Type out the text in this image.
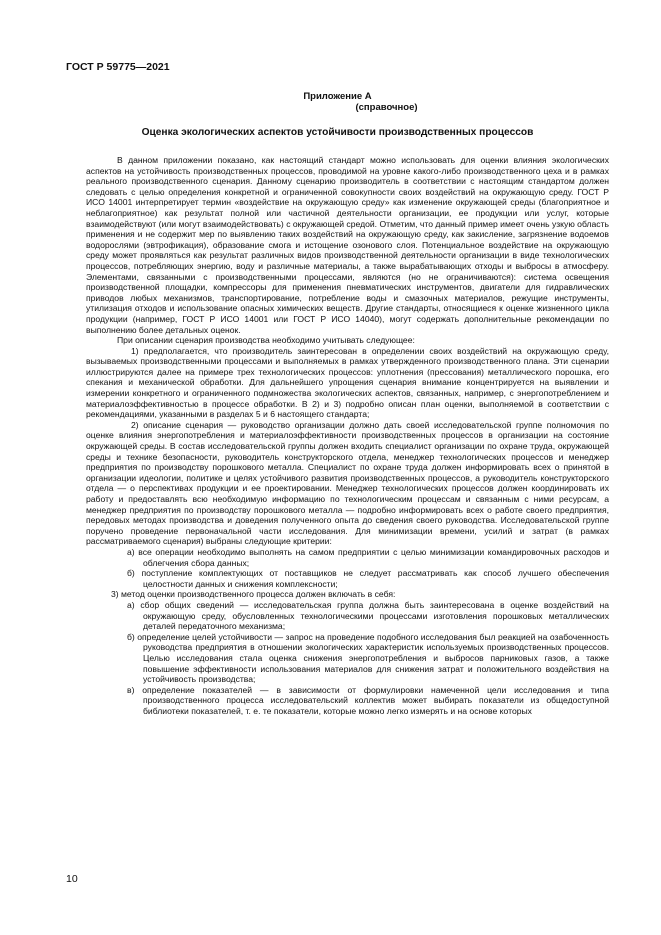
ГОСТ Р 59775—2021
Приложение А
(справочное)
Оценка экологических аспектов устойчивости производственных процессов

В данном приложении показано, как настоящий стандарт можно использовать для оценки влияния экологических аспектов на устойчивость производственных процессов, проводимой на уровне какого-либо производственного цеха и в рамках реального производственного сценария. Данному сценарию производитель в соответствии с настоящим стандартом должен следовать с целью определения конкретной и ограниченной совокупности своих воздействий на окружающую среду. ГОСТ Р ИСО 14001 интерпретирует термин «воздействие на окружающую среду» как изменение окружающей среды (благоприятное и неблагоприятное) как результат полной или частичной деятельности организации, ее продукции или услуг, которые взаимодействуют (или могут взаимодействовать) с окружающей средой. Отметим, что данный пример имеет очень узкую область применения и не содержит мер по выявлению таких воздействий на окружающую среду, как закисление, загрязнение водоемов водорослями (эвтрофикация), образование смога и истощение озонового слоя. Потенциальное воздействие на окружающую среду может проявляться как результат различных видов производственной деятельности организации в виде технологических процессов, потребляющих энергию, воду и различные материалы, а также вырабатывающих отходы и выбросы в атмосферу. Элементами, связанными с производственными процессами, являются (но не ограничиваются): система освещения производственной площадки, компрессоры для применения пневматических инструментов, двигатели для гидравлических приводов любых механизмов, транспортирование, потребление воды и смазочных материалов, режущие инструменты, утилизация отходов и использование опасных химических веществ. Другие стандарты, относящиеся к оценке жизненного цикла продукции (например, ГОСТ Р ИСО 14001 или ГОСТ Р ИСО 14040), могут содержать дополнительные рекомендации по выполнению более детальных оценок.

При описании сценария производства необходимо учитывать следующее:

1) предполагается, что производитель заинтересован в определении своих воздействий на окружающую среду, вызываемых производственными процессами и выполняемых в рамках утвержденного производственного плана. Эти сценарии иллюстрируются далее на примере трех технологических процессов: уплотнения (прессования) металлического порошка, его спекания и механической обработки. Для дальнейшего упрощения сценария внимание концентрируется на выявлении и измерении конкретного и ограниченного подмножества экологических аспектов, связанных, например, с энергопотреблением и материалоэффективностью в процессе обработки. В 2) и 3) подробно описан план оценки, выполняемой в соответствии с рекомендациями, указанными в разделах 5 и 6 настоящего стандарта;

2) описание сценария — руководство организации должно дать своей исследовательской группе полномочия по оценке влияния энергопотребления и материалоэффективности производственных процессов в организации на состояние окружающей среды. В состав исследовательской группы должен входить специалист организации по охране труда, окружающей среды и технике безопасности, руководитель конструкторского отдела, менеджер технологических процессов и менеджер предприятия по производству порошкового металла. Специалист по охране труда должен информировать всех о принятой в организации идеологии, политике и целях устойчивого развития производственных процессов, а руководитель конструкторского отдела — о перспективах продукции и ее проектировании. Менеджер технологических процессов должен координировать их работу и предоставлять всю необходимую информацию по технологическим процессам и связанным с ними ресурсам, а менеджер предприятия по производству порошкового металла — подробно информировать всех о работе своего предприятия, передовых методах производства и доведения полученного опыта до сведения своего руководства. Исследовательской группе поручено проведение первоначальной части исследования. Для минимизации времени, усилий и затрат (в рамках рассматриваемого сценария) выбраны следующие критерии:

а) все операции необходимо выполнять на самом предприятии с целью минимизации командировочных расходов и облегчения сбора данных;

б) поступление комплектующих от поставщиков не следует рассматривать как способ лучшего обеспечения целостности данных и снижения комплексности;

3) метод оценки производственного процесса должен включать в себя:

а) сбор общих сведений — исследовательская группа должна быть заинтересована в оценке воздействий на окружающую среду, обусловленных технологическими процессами изготовления порошковых металлических деталей передаточного механизма;

б) определение целей устойчивости — запрос на проведение подобного исследования был реакцией на озабоченность руководства предприятия в отношении экологических характеристик используемых производственных процессов. Целью исследования стала оценка снижения энергопотребления и выбросов парниковых газов, а также повышение эффективности использования материалов для снижения затрат и положительного воздействия на устойчивость производства;

в) определение показателей — в зависимости от формулировки намеченной цели исследования и типа производственного процесса исследовательский коллектив может выбирать показатели из общедоступной библиотеки показателей, т. е. те показатели, которые можно легко измерять и на основе которых

10
